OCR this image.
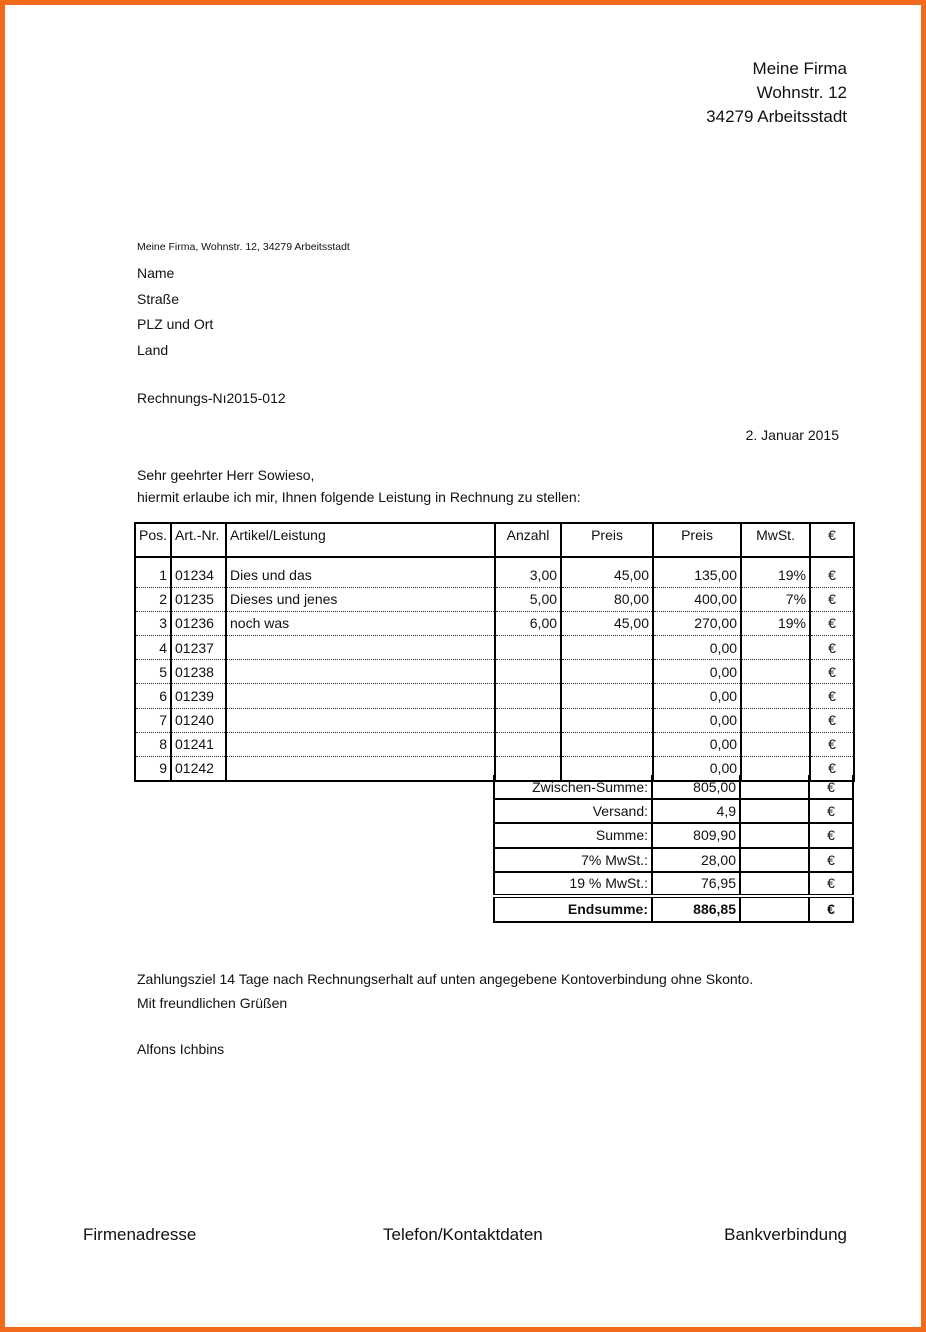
Meine Firma
Wohnstr. 12
34279 Arbeitsstadt
Meine Firma, Wohnstr. 12, 34279 Arbeitsstadt
Name
Straße
PLZ und Ort
Land
Rechnungs-Nı2015-012
2. Januar 2015
Sehr geehrter Herr Sowieso,
hiermit erlaube ich mir, Ihnen folgende Leistung in Rechnung zu stellen:
Pos.	Art.-Nr.	Artikel/Leistung	Anzahl	Preis	Preis	MwSt.	€

1	01234	Dies und das	3,00	45,00	135,00	19%	€
2	01235	Dieses und jenes	5,00	80,00	400,00	7%	€
3	01236	noch was	6,00	45,00	270,00	19%	€
4	01237				0,00		€
5	01238				0,00		€
6	01239				0,00		€
7	01240				0,00		€
8	01241				0,00		€
9	01242				0,00		€
Zwischen-Summe:	805,00		€
Versand:	4,9		€
Summe:	809,90		€
7% MwSt.:	28,00		€
19 % MwSt.:	76,95		€
Endsumme:	886,85		€
Zahlungsziel 14 Tage nach Rechnungserhalt auf unten angegebene Kontoverbindung ohne Skonto.
Mit freundlichen Grüßen
Alfons Ichbins
Firmenadresse	Telefon/Kontaktdaten	Bankverbindung
